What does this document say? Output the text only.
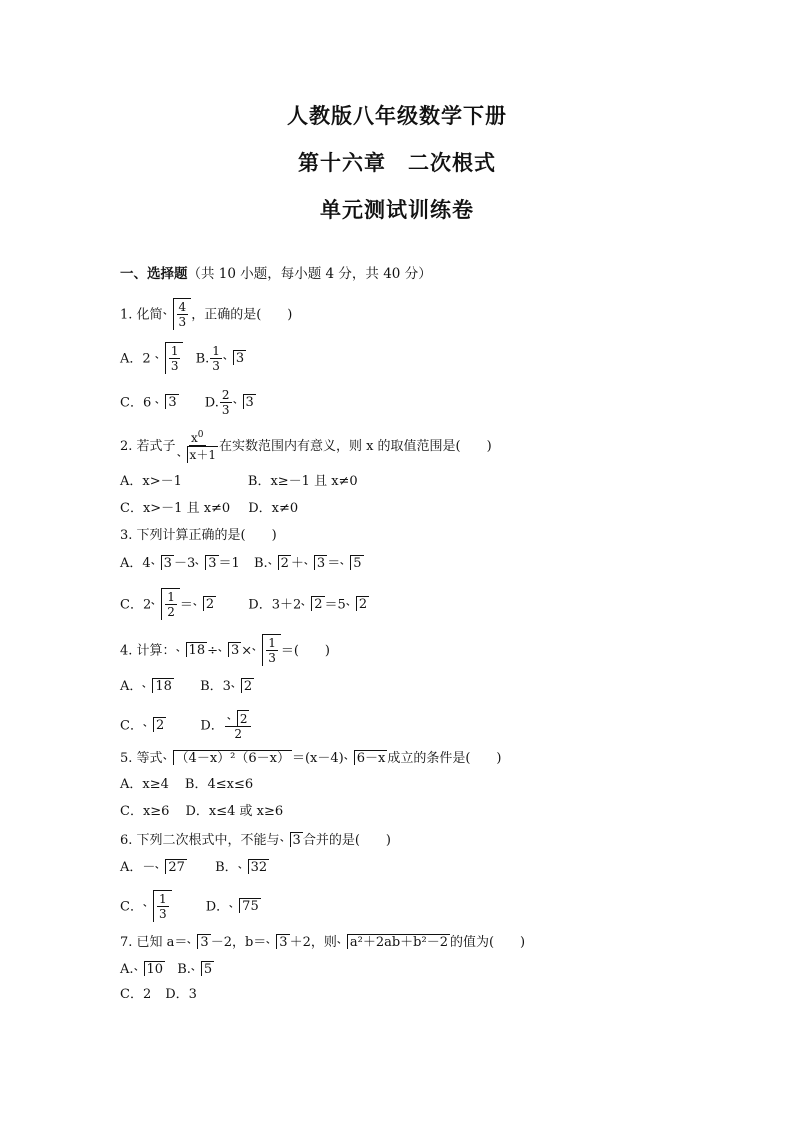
人教版八年级数学下册
第十六章　二次根式
单元测试训练卷
一、选择题（共 10 小题，每小题 4 分，共 40 分）
1. 化简 $\frac{4}{3}$ ，正确的是(　　)
A．$2 \frac{1}{3} B$. $\frac{1}{3} 3$
C．6 3 D. $\frac{2}{3} 3$
2. 若式子 $\frac{x^0}{x+1}$ 在实数范围内有意义，则 x 的取值范围是(　　)
A．x>－1	B．x≥－1 且 x≠0
C．x>－1 且 x≠0 D．x≠0
3. 下列计算正确的是(　　)
A．4 3 －3 3 ＝1 B. 2 ＋ 3 ＝ 5
C．$2 \frac{1}{2} = 2$	D．3＋2 2 ＝5 2
4. 计算： $18 \div 3 \times \frac{1}{3}$ ＝(　　)
A． 18 B．3 2
C． 2	D． $\frac{2}{2}$
5. 等式 （4－x）²（6－x） ＝(x－4) 6－x 成立的条件是(　　)
A．x≥4 B．4≤x≤6
C．x≥6 D．x≤4 或 x≥6
6. 下列二次根式中，不能与 3 合并的是(　　)
A．－ 27 B． 32
C． $\frac{1}{3}$	D． 75
7. 已知 a＝ 3 －2，b＝ 3 ＋2，则 a²＋2ab＋b²－2 的值为(　　)
A. 10 B. 5
C．2 D．3
